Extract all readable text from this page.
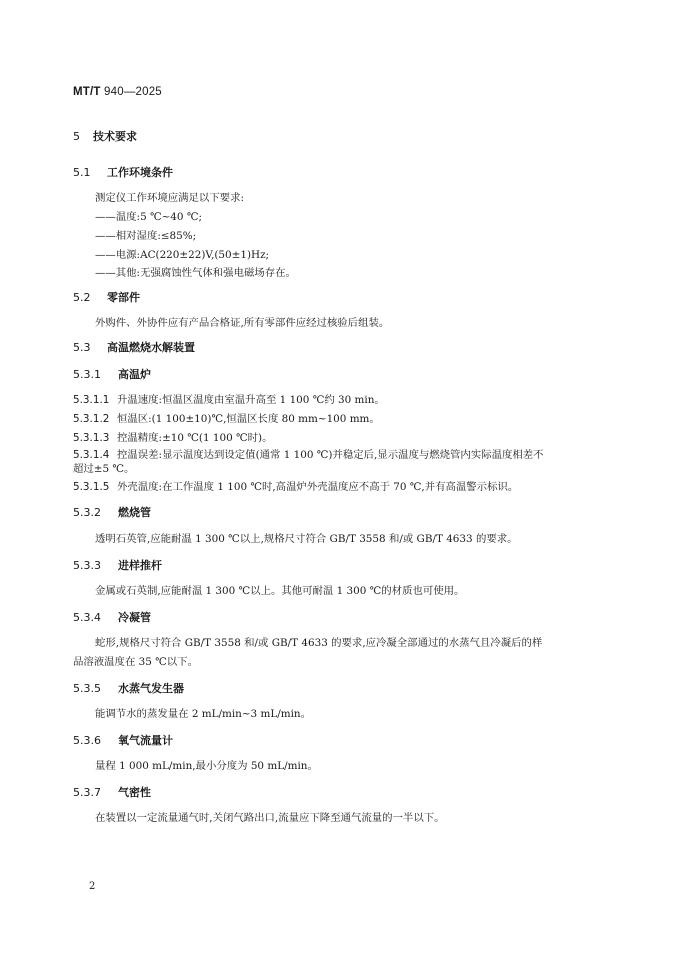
MT/T 940—2025
5 技术要求
5.1 工作环境条件
测定仪工作环境应满足以下要求:
——温度:5 ℃~40 ℃;
——相对湿度:≤85%;
——电源:AC(220±22)V,(50±1)Hz;
——其他:无强腐蚀性气体和强电磁场存在。
5.2 零部件
外购件、外协件应有产品合格证,所有零部件应经过核验后组装。
5.3 高温燃烧水解装置
5.3.1 高温炉
5.3.1.1 升温速度:恒温区温度由室温升高至 1 100 ℃约 30 min。
5.3.1.2 恒温区:(1 100±10)℃,恒温区长度 80 mm~100 mm。
5.3.1.3 控温精度:±10 ℃(1 100 ℃时)。
5.3.1.4 控温误差:显示温度达到设定值(通常 1 100 ℃)并稳定后,显示温度与燃烧管内实际温度相差不
超过±5 ℃。
5.3.1.5 外壳温度:在工作温度 1 100 ℃时,高温炉外壳温度应不高于 70 ℃,并有高温警示标识。
5.3.2 燃烧管
透明石英管,应能耐温 1 300 ℃以上,规格尺寸符合 GB/T 3558 和/或 GB/T 4633 的要求。
5.3.3 进样推杆
金属或石英制,应能耐温 1 300 ℃以上。其他可耐温 1 300 ℃的材质也可使用。
5.3.4 冷凝管
蛇形,规格尺寸符合 GB/T 3558 和/或 GB/T 4633 的要求,应冷凝全部通过的水蒸气且冷凝后的样
品溶液温度在 35 ℃以下。
5.3.5 水蒸气发生器
能调节水的蒸发量在 2 mL/min~3 mL/min。
5.3.6 氧气流量计
量程 1 000 mL/min,最小分度为 50 mL/min。
5.3.7 气密性
在装置以一定流量通气时,关闭气路出口,流量应下降至通气流量的一半以下。
2
